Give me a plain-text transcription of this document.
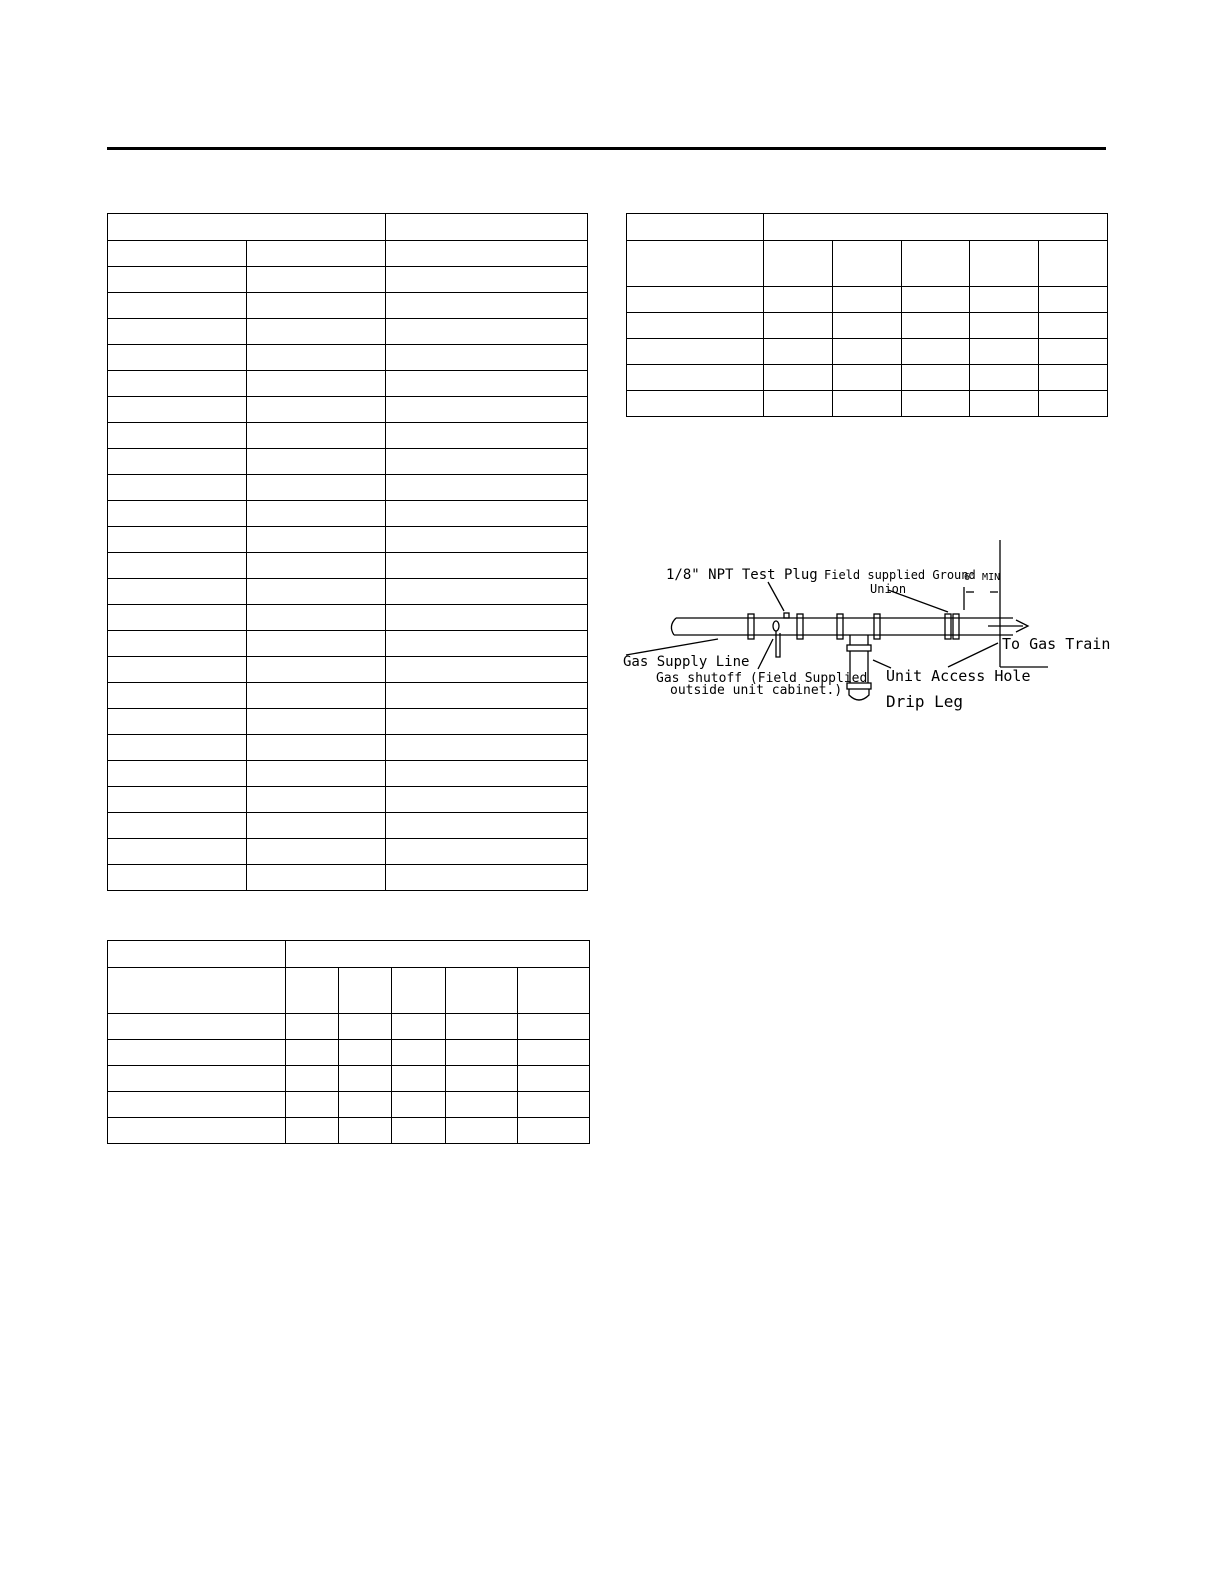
1/8" NPT Test Plug Field supplied Ground
Union
6" MIN
Gas Supply Line
Gas shutoff (Field Supplied
outside unit cabinet.)
Unit Access Hole
Drip Leg
To Gas Train
